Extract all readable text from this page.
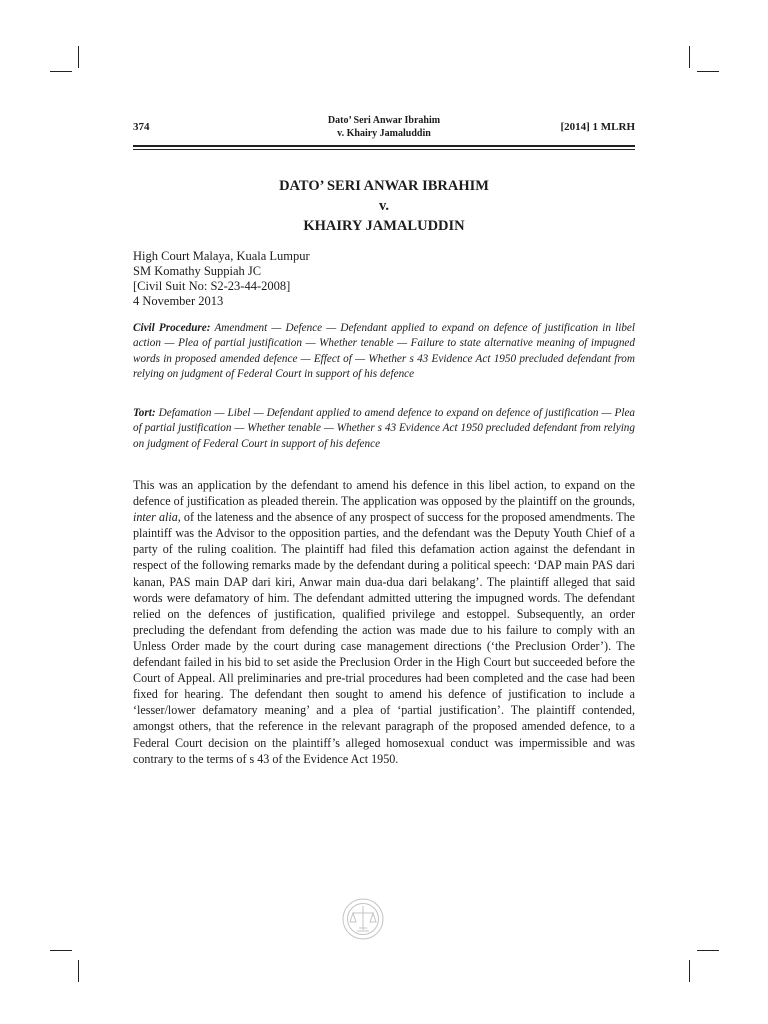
374
Dato’ Seri Anwar Ibrahim
v. Khairy Jamaluddin
[2014] 1 MLRH
DATO’ SERI ANWAR IBRAHIM
v.
KHAIRY JAMALUDDIN
High Court Malaya, Kuala Lumpur
SM Komathy Suppiah JC
[Civil Suit No: S2-23-44-2008]
4 November 2013
Civil Procedure: Amendment — Defence — Defendant applied to expand on defence of justification in libel action — Plea of partial justification — Whether tenable — Failure to state alternative meaning of impugned words in proposed amended defence — Effect of — Whether s 43 Evidence Act 1950 precluded defendant from relying on judgment of Federal Court in support of his defence
Tort: Defamation — Libel — Defendant applied to amend defence to expand on defence of justification — Plea of partial justification — Whether tenable — Whether s 43 Evidence Act 1950 precluded defendant from relying on judgment of Federal Court in support of his defence
This was an application by the defendant to amend his defence in this libel action, to expand on the defence of justification as pleaded therein. The application was opposed by the plaintiff on the grounds, inter alia, of the lateness and the absence of any prospect of success for the proposed amendments. The plaintiff was the Advisor to the opposition parties, and the defendant was the Deputy Youth Chief of a party of the ruling coalition. The plaintiff had filed this defamation action against the defendant in respect of the following remarks made by the defendant during a political speech: ‘DAP main PAS dari kanan, PAS main DAP dari kiri, Anwar main dua-dua dari belakang’. The plaintiff alleged that said words were defamatory of him. The defendant admitted uttering the impugned words. The defendant relied on the defences of justification, qualified privilege and estoppel. Subsequently, an order precluding the defendant from defending the action was made due to his failure to comply with an Unless Order made by the court during case management directions (‘the Preclusion Order’). The defendant failed in his bid to set aside the Preclusion Order in the High Court but succeeded before the Court of Appeal. All preliminaries and pre-trial procedures had been completed and the case had been fixed for hearing. The defendant then sought to amend his defence of justification to include a ‘lesser/lower defamatory meaning’ and a plea of ‘partial justification’. The plaintiff contended, amongst others, that the reference in the relevant paragraph of the proposed amended defence, to a Federal Court decision on the plaintiff’s alleged homosexual conduct was impermissible and was contrary to the terms of s 43 of the Evidence Act 1950.
